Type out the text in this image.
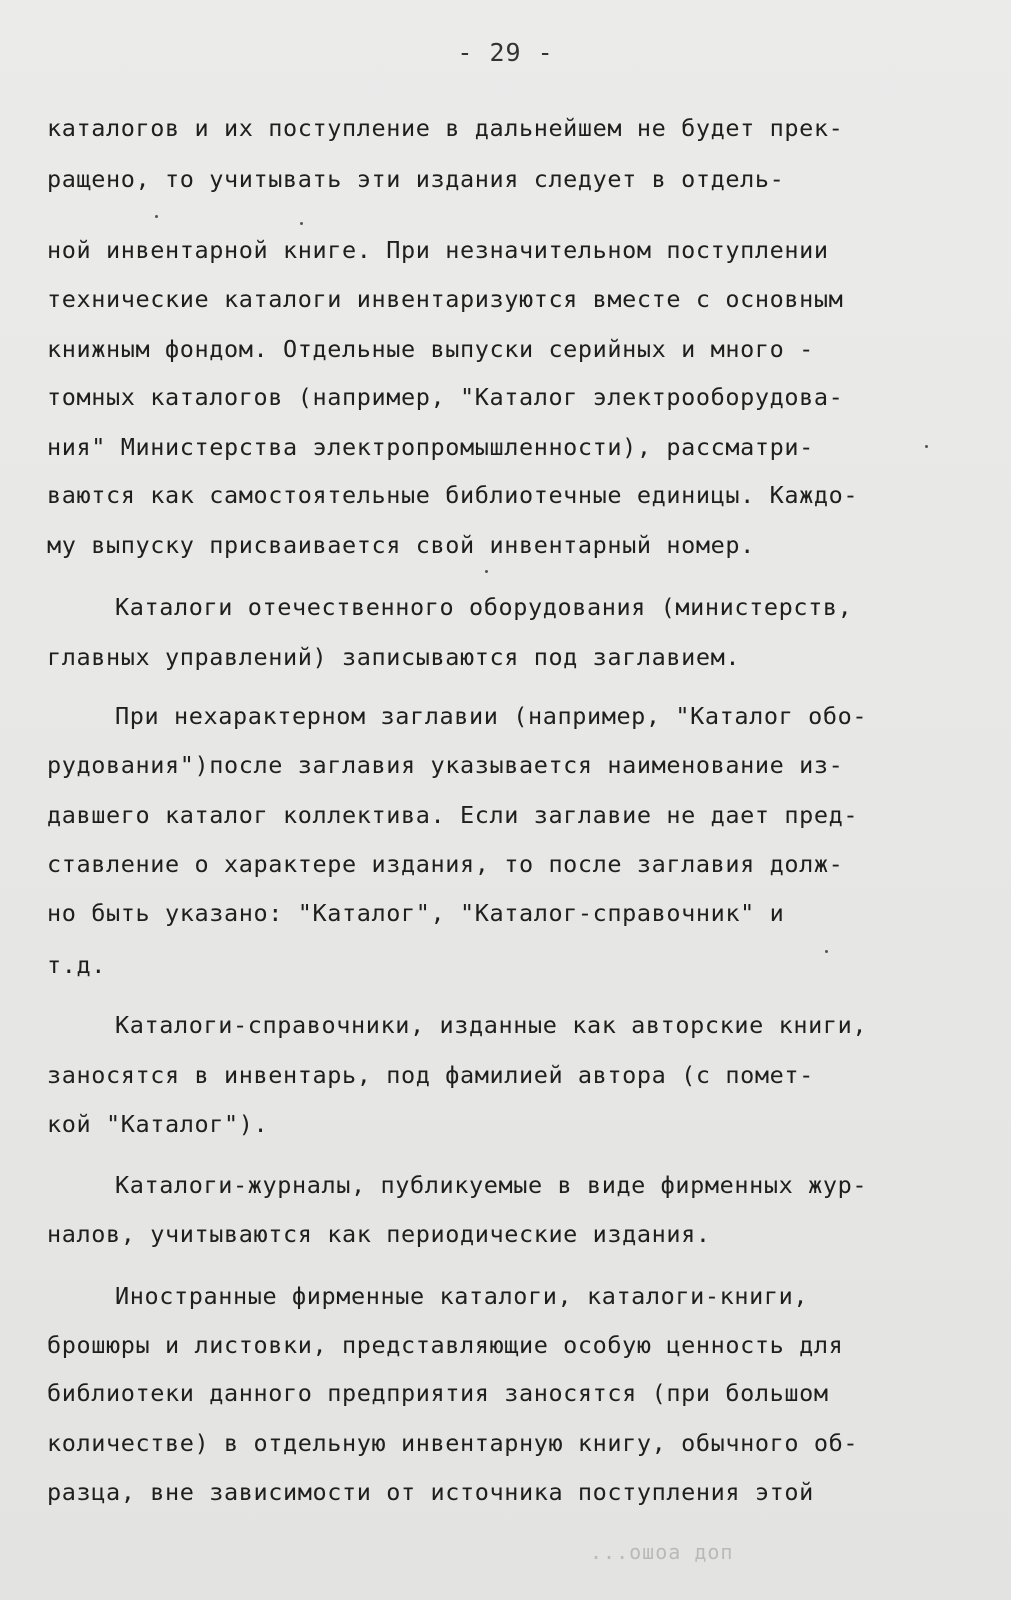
- 29 -
каталогов и их поступление в дальнейшем не будет прек-
ращено, то учитывать эти издания следует в отдель-
ной инвентарной книге. При незначительном поступлении
технические каталоги инвентаризуются вместе с основным
книжным фондом. Отдельные выпуски серийных и много -
томных каталогов (например, "Каталог электрооборудова-
ния" Министерства электропромышленности), рассматри-
ваются как самостоятельные библиотечные единицы. Каждо-
му выпуску присваивается свой инвентарный номер.
Каталоги отечественного оборудования (министерств,
главных управлений) записываются под заглавием.
При нехарактерном заглавии (например, "Каталог обо-
рудования")после заглавия указывается наименование из-
давшего каталог коллектива. Если заглавие не дает пред-
ставление о характере издания, то после заглавия долж-
но быть указано: "Каталог", "Каталог-справочник" и
т.д.
Каталоги-справочники, изданные как авторские книги,
заносятся в инвентарь, под фамилией автора (с помет-
кой "Каталог").
Каталоги-журналы, публикуемые в виде фирменных жур-
налов, учитываются как периодические издания.
Иностранные фирменные каталоги, каталоги-книги,
брошюры и листовки, представляющие особую ценность для
библиотеки данного предприятия заносятся (при большом
количестве) в отдельную инвентарную книгу, обычного об-
разца, вне зависимости от источника поступления этой
...ошоа доп
